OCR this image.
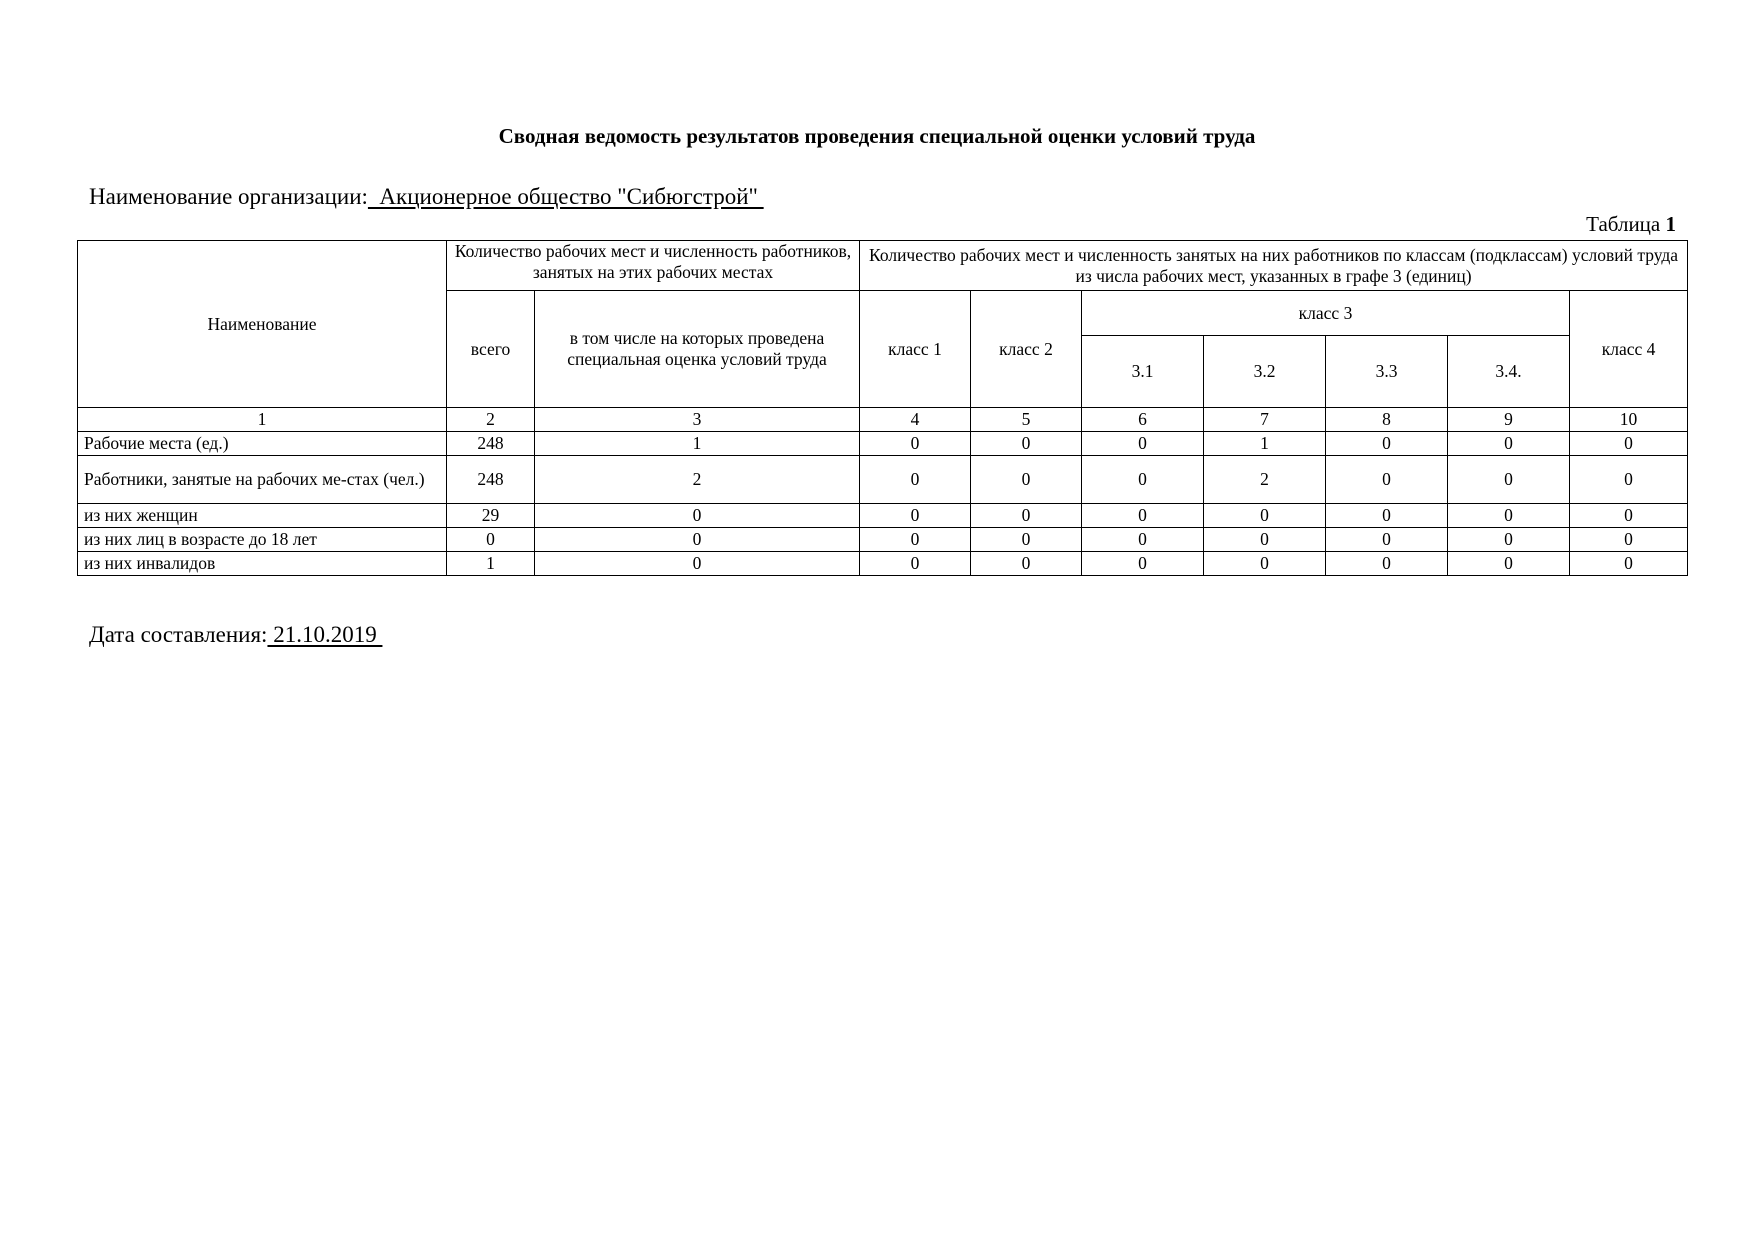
Сводная ведомость результатов проведения специальной оценки условий труда
Наименование организации:  Акционерное общество "Сибюгстрой"
Таблица 1
Наименование	Количество рабочих мест и численность работников, занятых на этих рабочих местах		Количество рабочих мест и численность занятых на них работников по классам (подклассам) условий труда из числа рабочих мест, указанных в графе 3 (единиц)						
	всего	в том числе на которых проведена специальная оценка условий труда	класс 1	класс 2	класс 3				класс 4
					3.1	3.2	3.3	3.4.	
1	2	3	4	5	6	7	8	9	10
Рабочие места (ед.)	248	1	0	0	0	1	0	0	0
Работники, занятые на рабочих ме-стах (чел.)	248	2	0	0	0	2	0	0	0
из них женщин	29	0	0	0	0	0	0	0	0
из них лиц в возрасте до 18 лет	0	0	0	0	0	0	0	0	0
из них инвалидов	1	0	0	0	0	0	0	0	0
Дата составления: 21.10.2019
